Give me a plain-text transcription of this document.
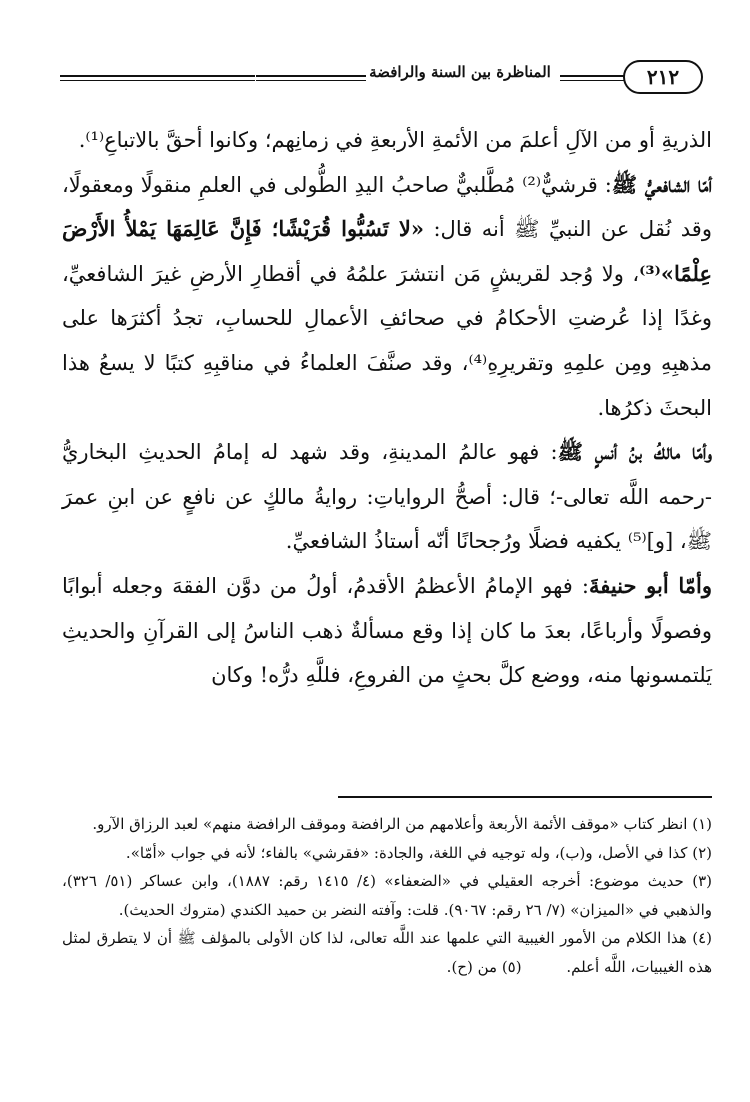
المناظرة بين السنة والرافضة	٢١٢

الذريةِ أو من الآلِ أعلمَ من الأئمةِ الأربعةِ في زمانِهم؛ وكانوا أحقَّ بالاتباعِ⁽¹⁾.

أمّا الشافعيُّ ﷺ: قرشيٌّ⁽²⁾ مُطَّلبيٌّ صاحبُ اليدِ الطُّولى في العلمِ منقولًا ومعقولًا، وقد نُقل عن النبيِّ ﷺ أنه قال: «لا تَسُبُّوا قُرَيْشًا؛ فَإِنَّ عَالِمَهَا يَمْلأُ الأَرْضَ عِلْمًا»⁽³⁾، ولا وُجد لقريشٍ مَن انتشرَ علمُهُ في أقطارِ الأرضِ غيرَ الشافعيِّ، وغدًا إذا عُرضتِ الأحكامُ في صحائفِ الأعمالِ للحسابِ، تجدُ أكثرَها على مذهبِهِ ومِن علمِهِ وتقريرِهِ⁽⁴⁾، وقد صنَّفَ العلماءُ في مناقبِهِ كتبًا لا يسعُ هذا البحثَ ذكرُها.

وأمّا مالكُ بنُ أنسٍ ﷺ: فهو عالمُ المدينةِ، وقد شهد له إمامُ الحديثِ البخاريُّ -رحمه اللَّه تعالى-؛ قال: أصحُّ الرواياتِ: روايةُ مالكٍ عن نافعٍ عن ابنِ عمرَ ﷺ، [و]⁽⁵⁾ يكفيه فضلًا ورُجحانًا أنّه أستاذُ الشافعيِّ.

وأمّا أبو حنيفةَ: فهو الإمامُ الأعظمُ الأقدمُ، أولُ من دوَّن الفقهَ وجعله أبوابًا وفصولًا وأرباعًا، بعدَ ما كان إذا وقع مسألةٌ ذهب الناسُ إلى القرآنِ والحديثِ يَلتمسونها منه، ووضع كلَّ بحثٍ من الفروعِ، فللَّهِ درُّه! وكان

(١) انظر كتاب «موقف الأئمة الأربعة وأعلامهم من الرافضة وموقف الرافضة منهم» لعبد الرزاق الآرو.

(٢) كذا في الأصل، و(ب)، وله توجيه في اللغة، والجادة: «فقرشي» بالفاء؛ لأنه في جواب «أمّا».

(٣) حديث موضوع: أخرجه العقيلي في «الضعفاء» (٤/ ١٤١٥ رقم: ١٨٨٧)، وابن عساكر (٥١/ ٣٢٦)، والذهبي في «الميزان» (٧/ ٢٦ رقم: ٩٠٦٧). قلت: وآفته النضر بن حميد الكندي (متروك الحديث).

(٤) هذا الكلام من الأمور الغيبية التي علمها عند اللَّه تعالى، لذا كان الأولى بالمؤلف ﷺ أن لا يتطرق لمثل هذه الغيبيات، اللَّه أعلم. (٥) من (ح).
